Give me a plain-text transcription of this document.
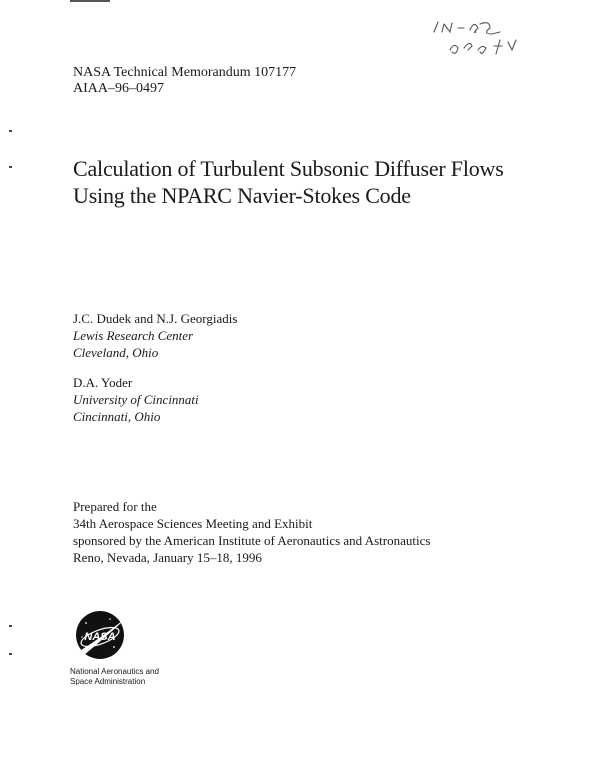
NASA Technical Memorandum 107177
AIAA–96–0497
Calculation of Turbulent Subsonic Diffuser Flows
Using the NPARC Navier-Stokes Code
J.C. Dudek and N.J. Georgiadis
Lewis Research Center
Cleveland, Ohio
D.A. Yoder
University of Cincinnati
Cincinnati, Ohio
Prepared for the
34th Aerospace Sciences Meeting and Exhibit
sponsored by the American Institute of Aeronautics and Astronautics
Reno, Nevada, January 15–18, 1996
NASA
National Aeronautics and
Space Administration
